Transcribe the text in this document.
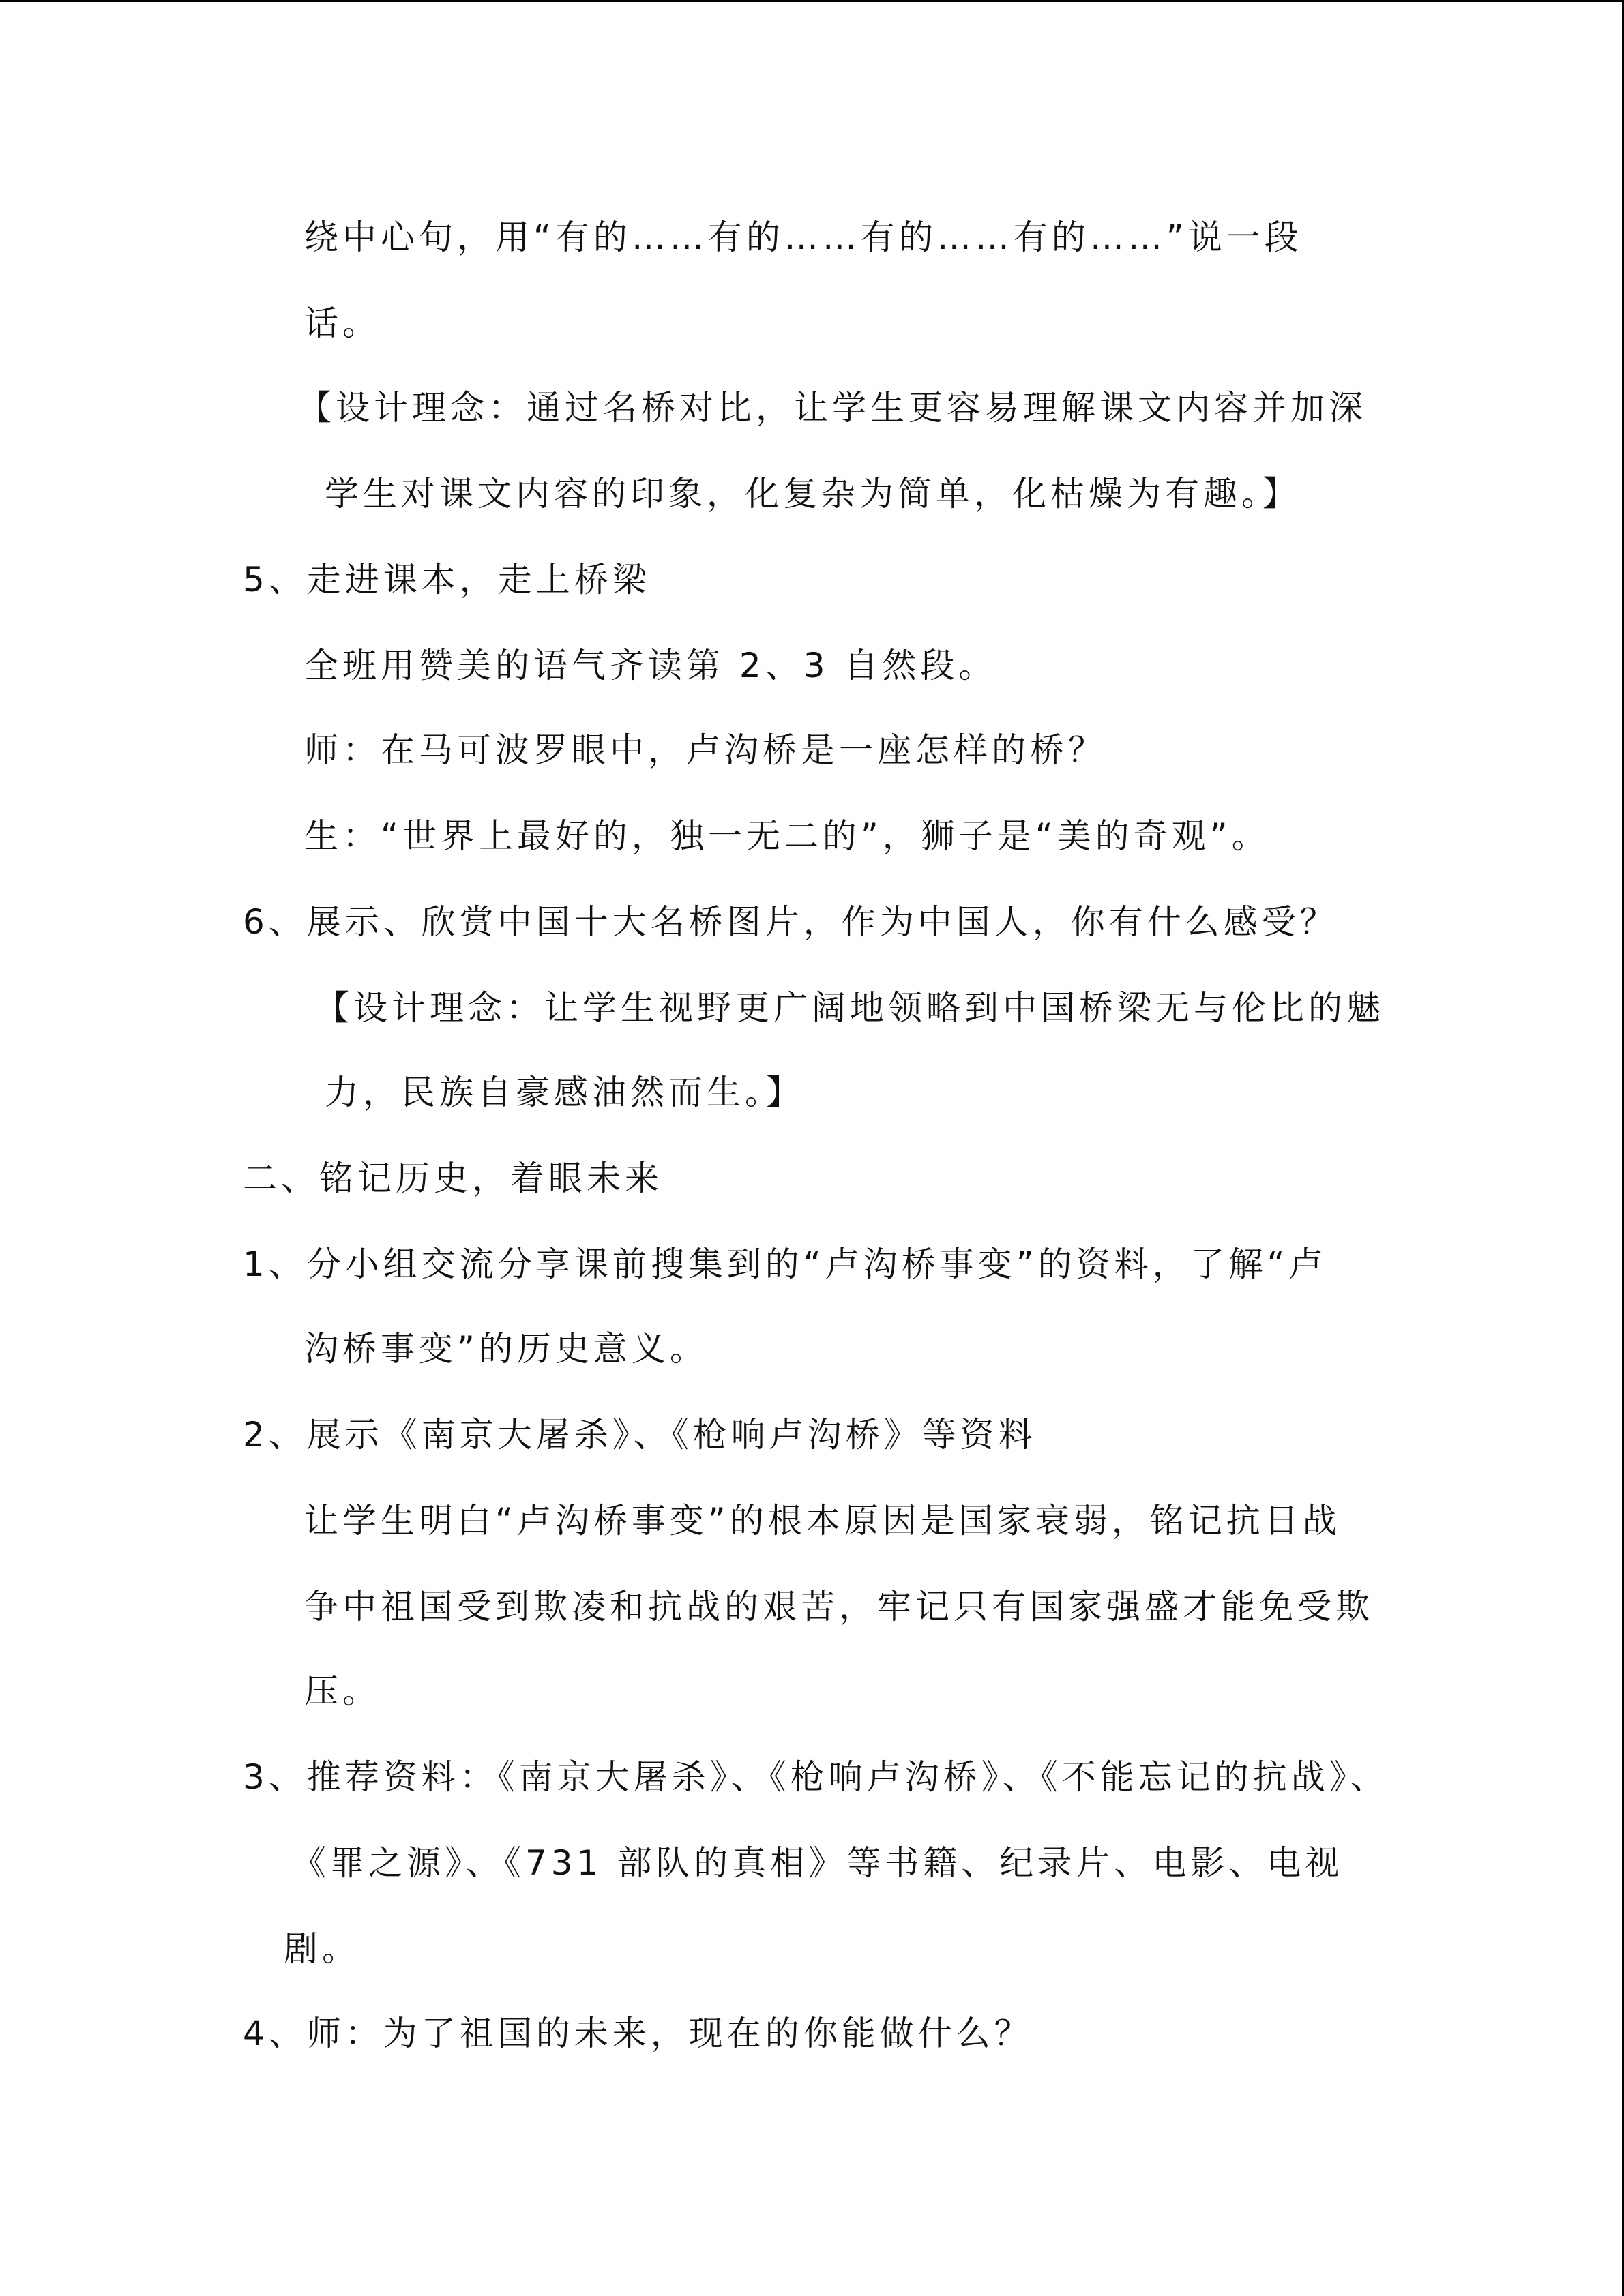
绕中心句，用“有的……有的……有的……有的……”说一段
话。
【设计理念：通过名桥对比，让学生更容易理解课文内容并加深
学生对课文内容的印象，化复杂为简单，化枯燥为有趣。】
5、走进课本，走上桥梁
全班用赞美的语气齐读第 2、3 自然段。
师：在马可波罗眼中，卢沟桥是一座怎样的桥？
生：“世界上最好的，独一无二的”，狮子是“美的奇观”。
6、展示、欣赏中国十大名桥图片，作为中国人，你有什么感受？
【设计理念：让学生视野更广阔地领略到中国桥梁无与伦比的魅
力，民族自豪感油然而生。】
二、铭记历史，着眼未来
1、分小组交流分享课前搜集到的“卢沟桥事变”的资料，了解“卢
沟桥事变”的历史意义。
2、展示《南京大屠杀》、《枪响卢沟桥》等资料
让学生明白“卢沟桥事变”的根本原因是国家衰弱，铭记抗日战
争中祖国受到欺凌和抗战的艰苦，牢记只有国家强盛才能免受欺
压。
3、推荐资料：《南京大屠杀》、《枪响卢沟桥》、《不能忘记的抗战》、
《罪之源》、《731 部队的真相》等书籍、纪录片、电影、电视
剧。
4、师：为了祖国的未来，现在的你能做什么？
